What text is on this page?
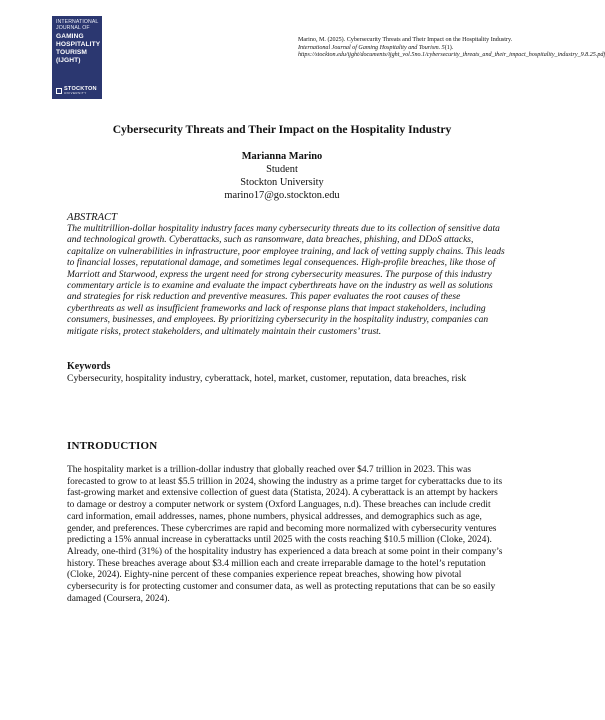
INTERNATIONAL
JOURNAL OF
GAMING
HOSPITALITY
TOURISM
(IJGHT)
STOCKTON
UNIVERSITY
Marino, M. (2025). Cybersecurity Threats and Their Impact on the Hospitality Industry. International Journal of Gaming Hospitality and Tourism. 5(1).
https://stockton.edu/ijght/documents/ijght_vol.5no.1/cybersecurity_threats_and_their_impact_hospitality_industry_9.8.25.pdf
Cybersecurity Threats and Their Impact on the Hospitality Industry
Marianna Marino
Student
Stockton University
marino17@go.stockton.edu
ABSTRACT

The multitrillion-dollar hospitality industry faces many cybersecurity threats due to its collection of sensitive data and technological growth. Cyberattacks, such as ransomware, data breaches, phishing, and DDoS attacks, capitalize on vulnerabilities in infrastructure, poor employee training, and lack of vetting supply chains. This leads to financial losses, reputational damage, and sometimes legal consequences. High-profile breaches, like those of Marriott and Starwood, express the urgent need for strong cybersecurity measures. The purpose of this industry commentary article is to examine and evaluate the impact cyberthreats have on the industry as well as solutions and strategies for risk reduction and preventive measures. This paper evaluates the root causes of these cyberthreats as well as insufficient frameworks and lack of response plans that impact stakeholders, including consumers, businesses, and employees. By prioritizing cybersecurity in the hospitality industry, companies can mitigate risks, protect stakeholders, and ultimately maintain their customers’ trust.

Keywords

Cybersecurity, hospitality industry, cyberattack, hotel, market, customer, reputation, data breaches, risk

INTRODUCTION

The hospitality market is a trillion-dollar industry that globally reached over $4.7 trillion in 2023. This was forecasted to grow to at least $5.5 trillion in 2024, showing the industry as a prime target for cyberattacks due to its fast-growing market and extensive collection of guest data (Statista, 2024). A cyberattack is an attempt by hackers to damage or destroy a computer network or system (Oxford Languages, n.d). These breaches can include credit card information, email addresses, names, phone numbers, physical addresses, and demographics such as age, gender, and preferences. These cybercrimes are rapid and becoming more normalized with cybersecurity ventures predicting a 15% annual increase in cyberattacks until 2025 with the costs reaching $10.5 million (Cloke, 2024). Already, one-third (31%) of the hospitality industry has experienced a data breach at some point in their company’s history. These breaches average about $3.4 million each and create irreparable damage to the hotel’s reputation (Cloke, 2024). Eighty-nine percent of these companies experience repeat breaches, showing how pivotal cybersecurity is for protecting customer and consumer data, as well as protecting reputations that can be so easily damaged (Coursera, 2024).
